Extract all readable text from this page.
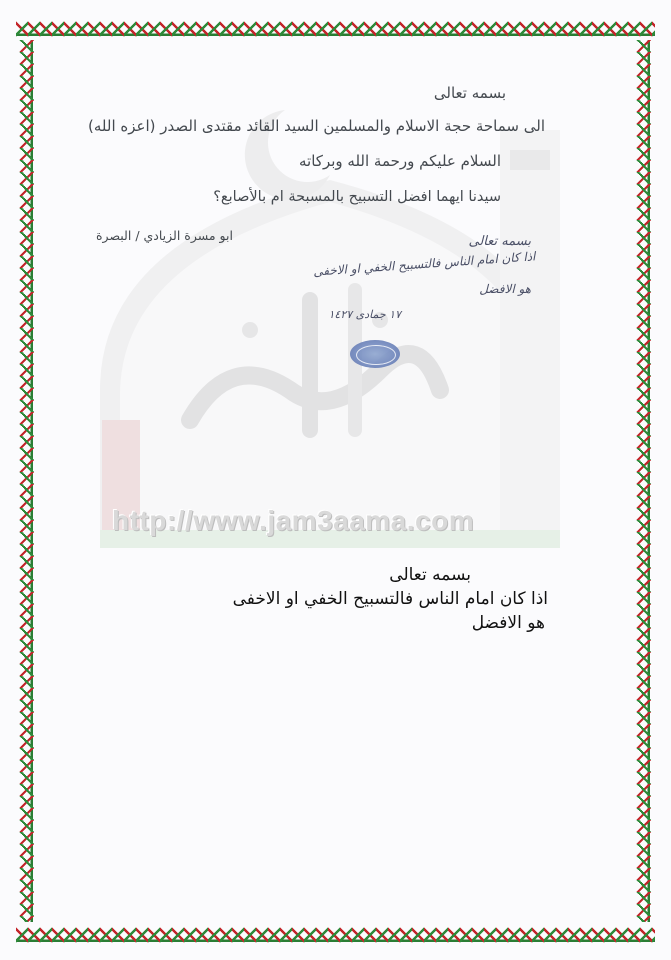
http://www.jam3aama.com
بسمه تعالى
الى سماحة حجة الاسلام والمسلمين السيد القائد مقتدى الصدر (اعزه الله)
السلام عليكم ورحمة الله وبركاته
سيدنا ايهما افضل التسبيح بالمسبحة ام بالأصابع؟
ابو مسرة الزيادي / البصرة	بسمه تعالى
اذا كان امام الناس فالتسبيح الخفي او الاخفى
هو الافضل
١٧ جمادى ١٤٢٧
بسمه تعالى
اذا كان امام الناس فالتسبيح الخفي او الاخفى
هو الافضل
